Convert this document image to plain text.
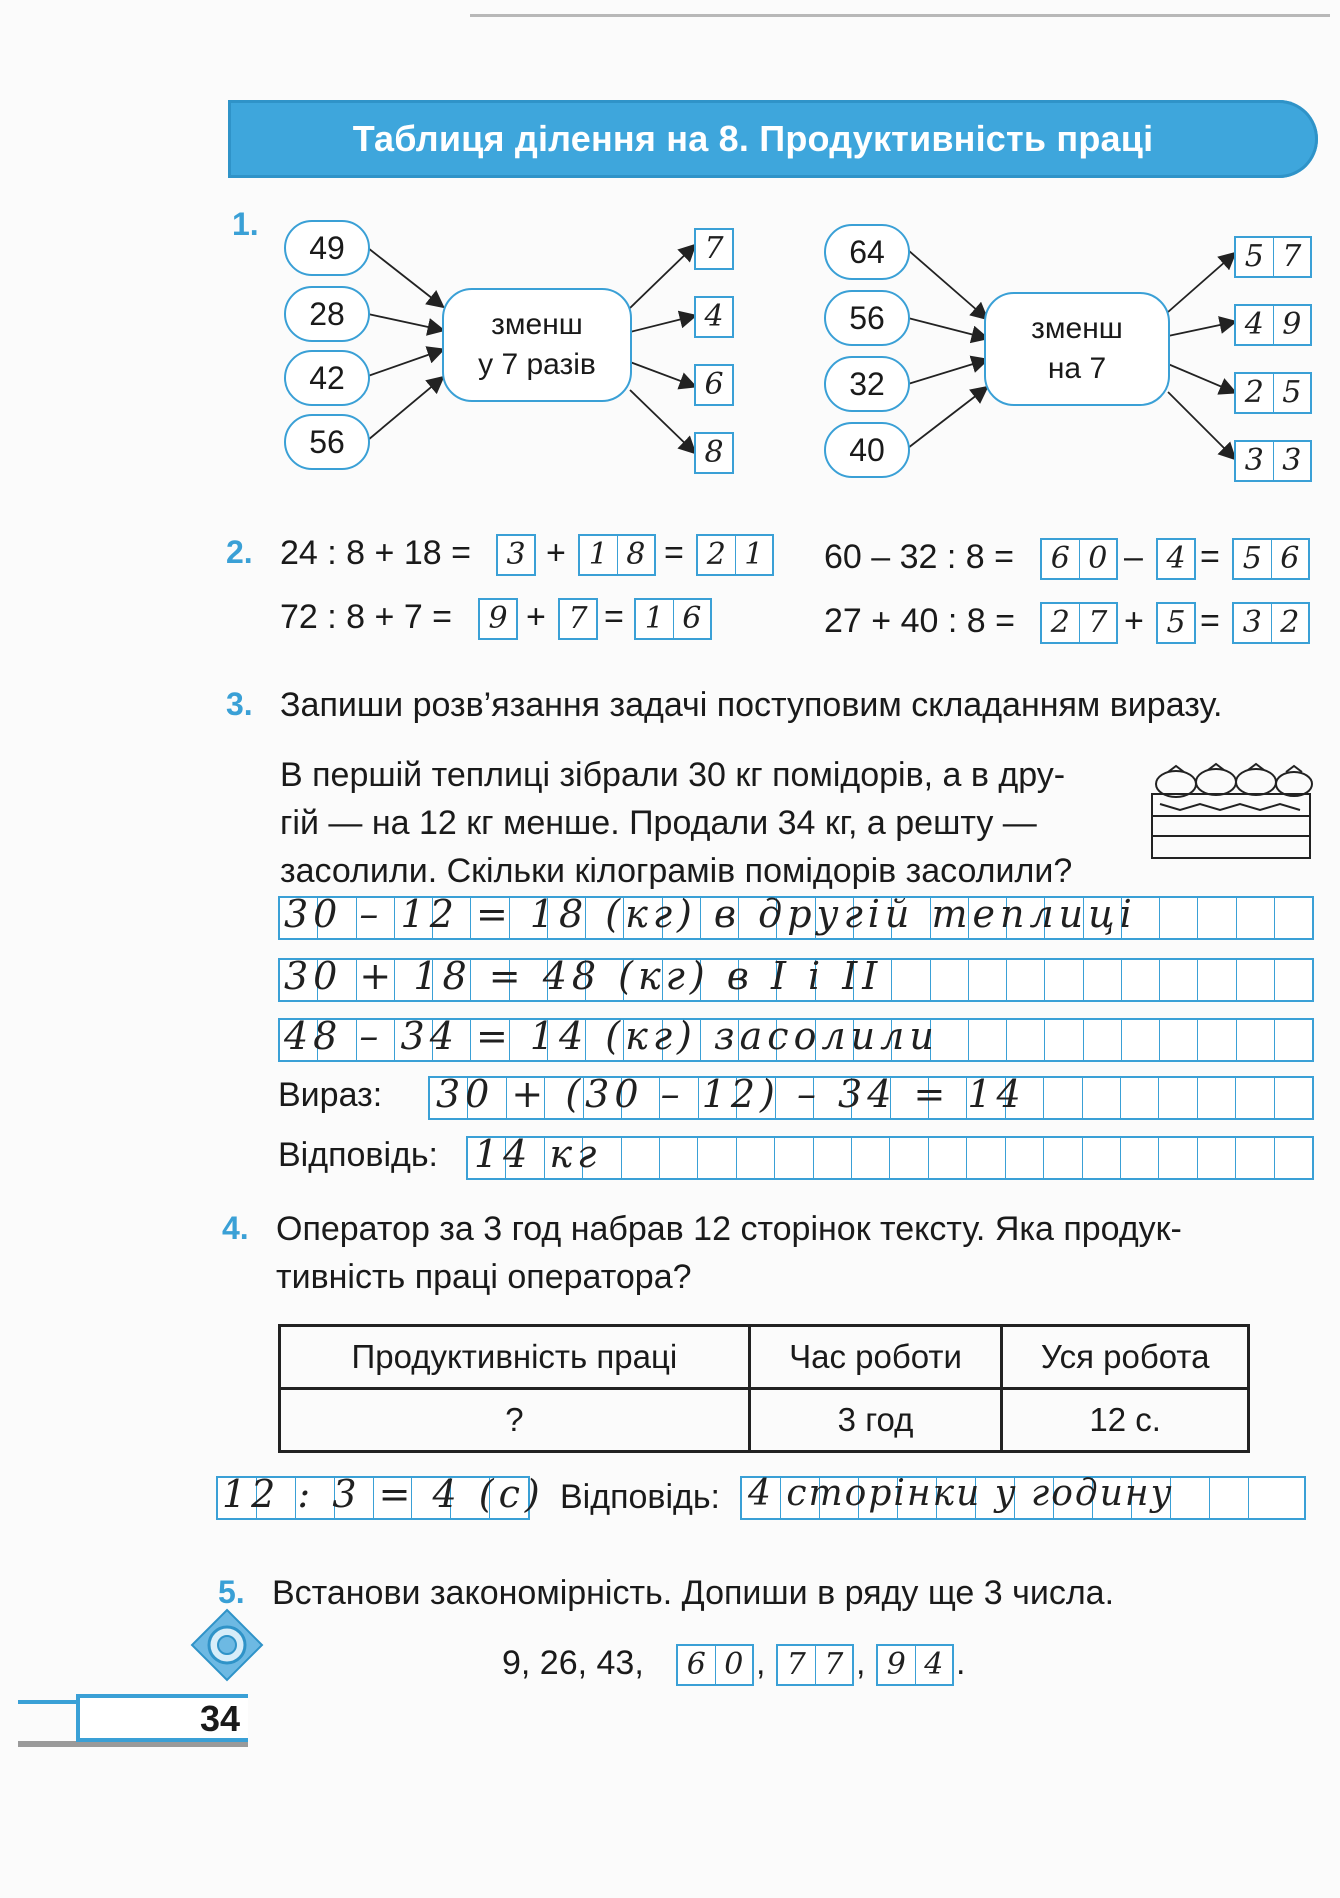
Таблиця ділення на 8. Продуктивність праці
1.
49
28
42
56
зменш
у 7 разів
7
4
6
8
64
56
32
40
зменш
на 7
5 7
4 9
2 5
3 3
2. 24 : 8 + 18 = 3 + 1 8 = 2 1
72 : 8 + 7 = 9 + 7 = 1 6
60 – 32 : 8 = 6 0 – 4 = 5 6
27 + 40 : 8 = 2 7 + 5 = 3 2
3. Запиши розв’язання задачі поступовим складанням виразу.
В першій теплиці зібрали 30 кг помідорів, а в дру-
гій — на 12 кг менше. Продали 34 кг, а решту —
засолили. Скільки кілограмів помідорів засолили?
30 – 12 = 18 (кг) в другій теплиці
30 + 18 = 48 (кг) в I і II
48 – 34 = 14 (кг) засолили
Вираз: 30 + (30 – 12) – 34 = 14
Відповідь: 14 кг
4. Оператор за 3 год набрав 12 сторінок тексту. Яка продук-
тивність праці оператора?
Продуктивність праці	Час роботи	Уся робота
?	3 год	12 с.
12 : 3 = 4 (с) Відповідь: 4 сторінки у годину
5. Встанови закономірність. Допиши в ряду ще 3 числа.
9, 26, 43, 6 0 , 7 7 , 9 4 .
34
